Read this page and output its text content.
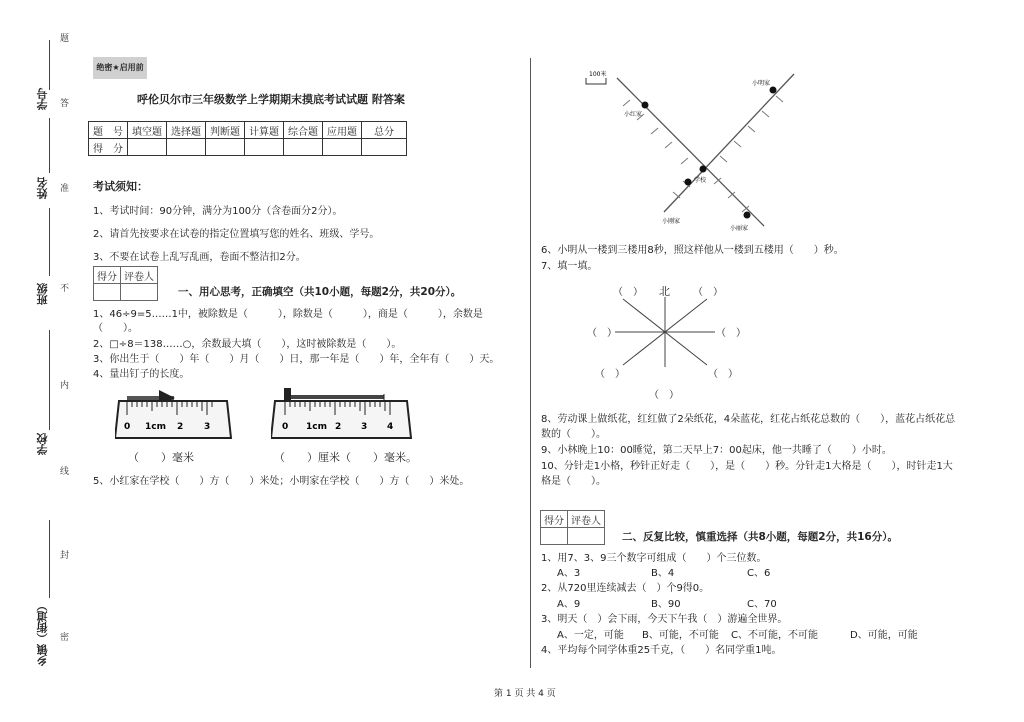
学号
姓名
班级
学校
乡镇（街道）
题
答
准
不
内
线
封
密
绝密★启用前
呼伦贝尔市三年级数学上学期期末摸底考试试题 附答案
题　号	填空题	选择题	判断题	计算题	综合题	应用题	总分
得　分							
考试须知：
1、考试时间：90分钟，满分为100分（含卷面分2分）。
2、请首先按要求在试卷的指定位置填写您的姓名、班级、学号。
3、不要在试卷上乱写乱画，卷面不整洁扣2分。
得分	评卷人

一、用心思考，正确填空（共10小题，每题2分，共20分）。
1、46÷9=5……1中，被除数是（　　　），除数是（　　　），商是（　　　），余数是
（　　）。
2、□÷8＝138……○，余数最大填（　　），这时被除数是（　　）。
3、你出生于（　　）年（　　）月（　　）日，那一年是（　　）年，全年有（　　）天。
4、量出钉子的长度。
0 1cm 2 3	0 1cm 2 3 4
（　　）毫米	（　　）厘米（　　）毫米。
5、小红家在学校（　　）方（　　）米处；小明家在学校（　　）方（　　）米处。
100米
小明家
小红家
学校
小丽家
小刚家
6、小明从一楼到三楼用8秒，照这样他从一楼到五楼用（　　）秒。
7、填一填。
北
（　）	（　）
（　）	（　）
（　）	（　）
（　）
8、劳动课上做纸花，红红做了2朵纸花，4朵蓝花，红花占纸花总数的（　　），蓝花占纸花总
数的（　　）。
9、小林晚上10：00睡觉，第二天早上7：00起床，他一共睡了（　　）小时。
10、分针走1小格，秒针正好走（　　），是（　　）秒。分针走1大格是（　　），时针走1大
格是（　　）。
得分	评卷人

二、反复比较，慎重选择（共8小题，每题2分，共16分）。
1、用7、3、9三个数字可组成（　　）个三位数。
A、3	B、4	C、6
2、从720里连续减去（　）个9得0。
A、9	B、90	C、70
3、明天（　）会下雨，今天下午我（　）游遍全世界。
A、一定，可能 B、可能，不可能 C、不可能，不可能	D、可能，可能
4、平均每个同学体重25千克，（　　）名同学重1吨。
第 1 页 共 4 页
